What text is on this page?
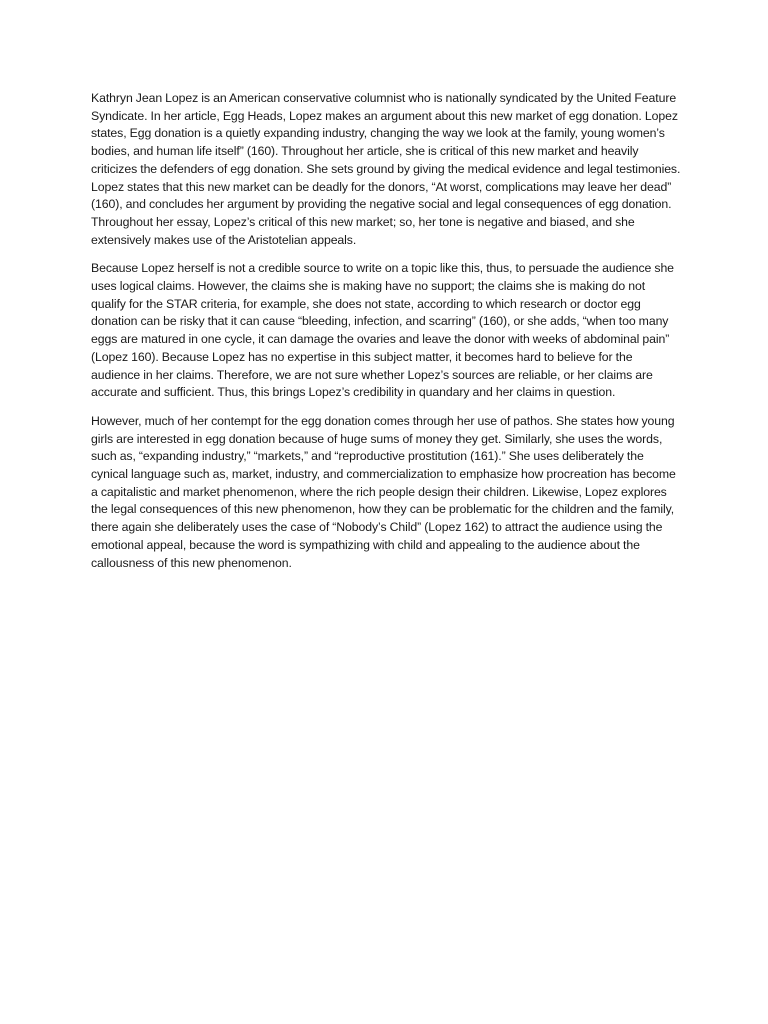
Kathryn Jean Lopez is an American conservative columnist who is nationally syndicated by the United Feature Syndicate. In her article, Egg Heads, Lopez makes an argument about this new market of egg donation. Lopez states, Egg donation is a quietly expanding industry, changing the way we look at the family, young women’s bodies, and human life itself” (160). Throughout her article, she is critical of this new market and heavily criticizes the defenders of egg donation. She sets ground by giving the medical evidence and legal testimonies. Lopez states that this new market can be deadly for the donors, “At worst, complications may leave her dead” (160), and concludes her argument by providing the negative social and legal consequences of egg donation. Throughout her essay, Lopez’s critical of this new market; so, her tone is negative and biased, and she extensively makes use of the Aristotelian appeals.

Because Lopez herself is not a credible source to write on a topic like this, thus, to persuade the audience she uses logical claims. However, the claims she is making have no support; the claims she is making do not qualify for the STAR criteria, for example, she does not state, according to which research or doctor egg donation can be risky that it can cause “bleeding, infection, and scarring” (160), or she adds, “when too many eggs are matured in one cycle, it can damage the ovaries and leave the donor with weeks of abdominal pain” (Lopez 160). Because Lopez has no expertise in this subject matter, it becomes hard to believe for the audience in her claims. Therefore, we are not sure whether Lopez’s sources are reliable, or her claims are accurate and sufficient. Thus, this brings Lopez’s credibility in quandary and her claims in question.

However, much of her contempt for the egg donation comes through her use of pathos. She states how young girls are interested in egg donation because of huge sums of money they get. Similarly, she uses the words, such as, “expanding industry,” “markets,” and “reproductive prostitution (161).” She uses deliberately the cynical language such as, market, industry, and commercialization to emphasize how procreation has become a capitalistic and market phenomenon, where the rich people design their children. Likewise, Lopez explores the legal consequences of this new phenomenon, how they can be problematic for the children and the family, there again she deliberately uses the case of “Nobody’s Child” (Lopez 162) to attract the audience using the emotional appeal, because the word is sympathizing with child and appealing to the audience about the callousness of this new phenomenon.
